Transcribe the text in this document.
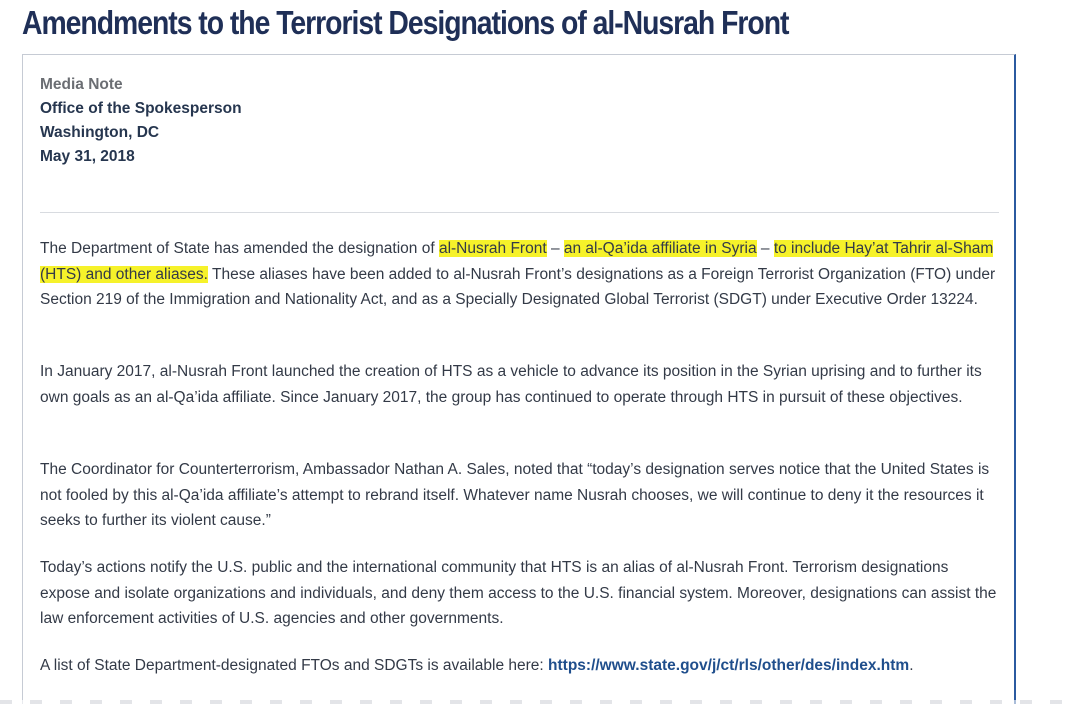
Amendments to the Terrorist Designations of al-Nusrah Front
Media Note
Office of the Spokesperson
Washington, DC
May 31, 2018

The Department of State has amended the designation of al-Nusrah Front – an al-Qa’ida affiliate in Syria – to include Hay’at Tahrir al-Sham (HTS) and other aliases. These aliases have been added to al-Nusrah Front’s designations as a Foreign Terrorist Organization (FTO) under Section 219 of the Immigration and Nationality Act, and as a Specially Designated Global Terrorist (SDGT) under Executive Order 13224.

In January 2017, al-Nusrah Front launched the creation of HTS as a vehicle to advance its position in the Syrian uprising and to further its own goals as an al-Qa’ida affiliate. Since January 2017, the group has continued to operate through HTS in pursuit of these objectives.

The Coordinator for Counterterrorism, Ambassador Nathan A. Sales, noted that “today’s designation serves notice that the United States is not fooled by this al-Qa’ida affiliate’s attempt to rebrand itself. Whatever name Nusrah chooses, we will continue to deny it the resources it seeks to further its violent cause.”

Today’s actions notify the U.S. public and the international community that HTS is an alias of al-Nusrah Front. Terrorism designations expose and isolate organizations and individuals, and deny them access to the U.S. financial system. Moreover, designations can assist the law enforcement activities of U.S. agencies and other governments.

A list of State Department-designated FTOs and SDGTs is available here: https://www.state.gov/j/ct/rls/other/des/index.htm.
